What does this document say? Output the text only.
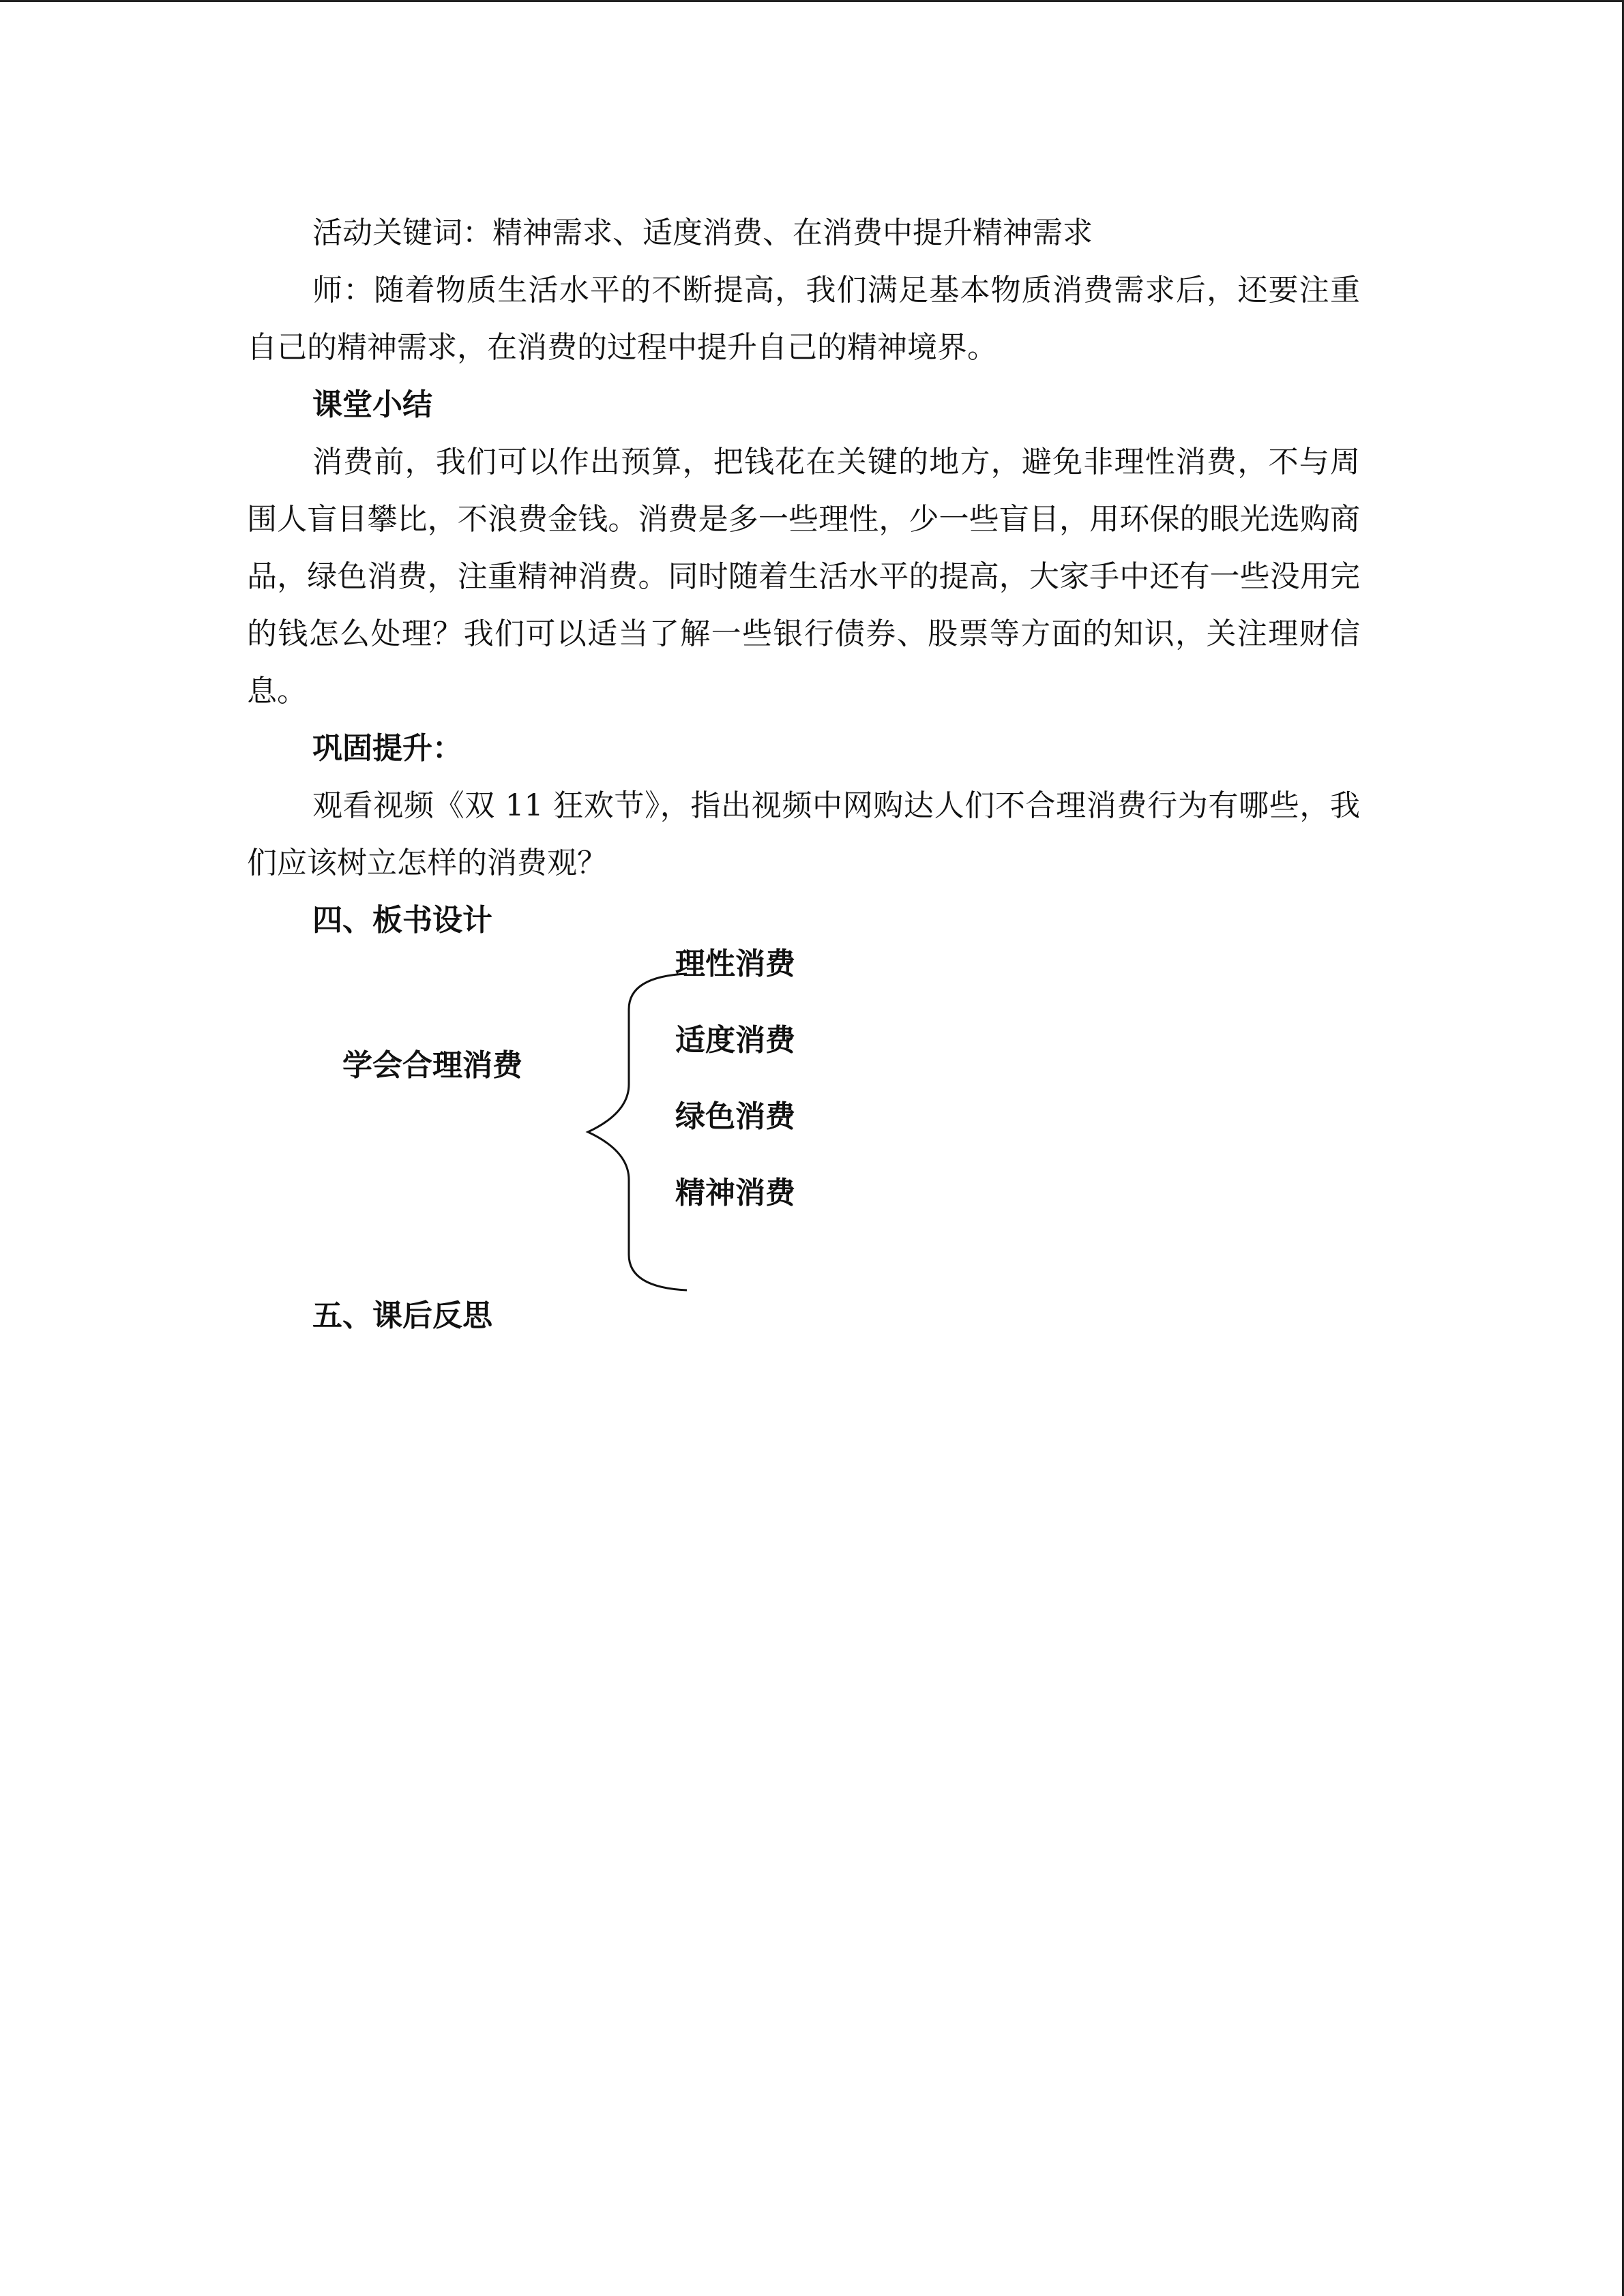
活动关键词：精神需求、适度消费、在消费中提升精神需求
师：随着物质生活水平的不断提高，我们满足基本物质消费需求后，还要注重自己的精神需求，在消费的过程中提升自己的精神境界。
课堂小结
消费前，我们可以作出预算，把钱花在关键的地方，避免非理性消费，不与周围人盲目攀比，不浪费金钱。消费是多一些理性，少一些盲目，用环保的眼光选购商品，绿色消费，注重精神消费。同时随着生活水平的提高，大家手中还有一些没用完的钱怎么处理？我们可以适当了解一些银行债券、股票等方面的知识，关注理财信息。
巩固提升：
观看视频《双 11 狂欢节》，指出视频中网购达人们不合理消费行为有哪些，我们应该树立怎样的消费观？
四、板书设计
学会合理消费
理性消费
适度消费
绿色消费
精神消费
五、课后反思
